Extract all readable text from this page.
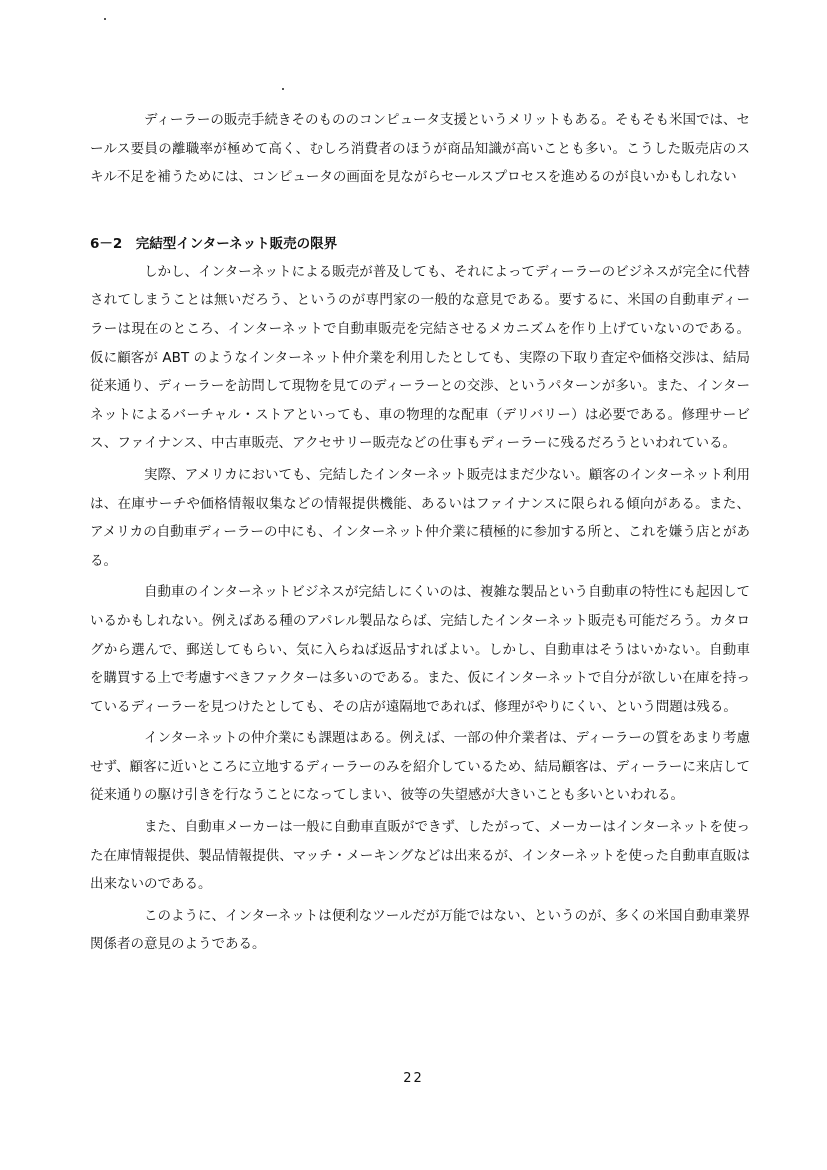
ディーラーの販売手続きそのもののコンピュータ支援というメリットもある。そもそも米国では、セールス要員の離職率が極めて高く、むしろ消費者のほうが商品知識が高いことも多い。こうした販売店のスキル不足を補うためには、コンピュータの画面を見ながらセールスプロセスを進めるのが良いかもしれない

6－2　完結型インターネット販売の限界

しかし、インターネットによる販売が普及しても、それによってディーラーのビジネスが完全に代替されてしまうことは無いだろう、というのが専門家の一般的な意見である。要するに、米国の自動車ディーラーは現在のところ、インターネットで自動車販売を完結させるメカニズムを作り上げていないのである。仮に顧客が ABT のようなインターネット仲介業を利用したとしても、実際の下取り査定や価格交渉は、結局従来通り、ディーラーを訪問して現物を見てのディーラーとの交渉、というパターンが多い。また、インターネットによるバーチャル・ストアといっても、車の物理的な配車（デリバリー）は必要である。修理サービス、ファイナンス、中古車販売、アクセサリー販売などの仕事もディーラーに残るだろうといわれている。

実際、アメリカにおいても、完結したインターネット販売はまだ少ない。顧客のインターネット利用は、在庫サーチや価格情報収集などの情報提供機能、あるいはファイナンスに限られる傾向がある。また、アメリカの自動車ディーラーの中にも、インターネット仲介業に積極的に参加する所と、これを嫌う店とがある。

自動車のインターネットビジネスが完結しにくいのは、複雑な製品という自動車の特性にも起因しているかもしれない。例えばある種のアパレル製品ならば、完結したインターネット販売も可能だろう。カタログから選んで、郵送してもらい、気に入らねば返品すればよい。しかし、自動車はそうはいかない。自動車を購買する上で考慮すべきファクターは多いのである。また、仮にインターネットで自分が欲しい在庫を持っているディーラーを見つけたとしても、その店が遠隔地であれば、修理がやりにくい、という問題は残る。

インターネットの仲介業にも課題はある。例えば、一部の仲介業者は、ディーラーの質をあまり考慮せず、顧客に近いところに立地するディーラーのみを紹介しているため、結局顧客は、ディーラーに来店して従来通りの駆け引きを行なうことになってしまい、彼等の失望感が大きいことも多いといわれる。

また、自動車メーカーは一般に自動車直販ができず、したがって、メーカーはインターネットを使った在庫情報提供、製品情報提供、マッチ・メーキングなどは出来るが、インターネットを使った自動車直販は出来ないのである。

このように、インターネットは便利なツールだが万能ではない、というのが、多くの米国自動車業界関係者の意見のようである。

22
